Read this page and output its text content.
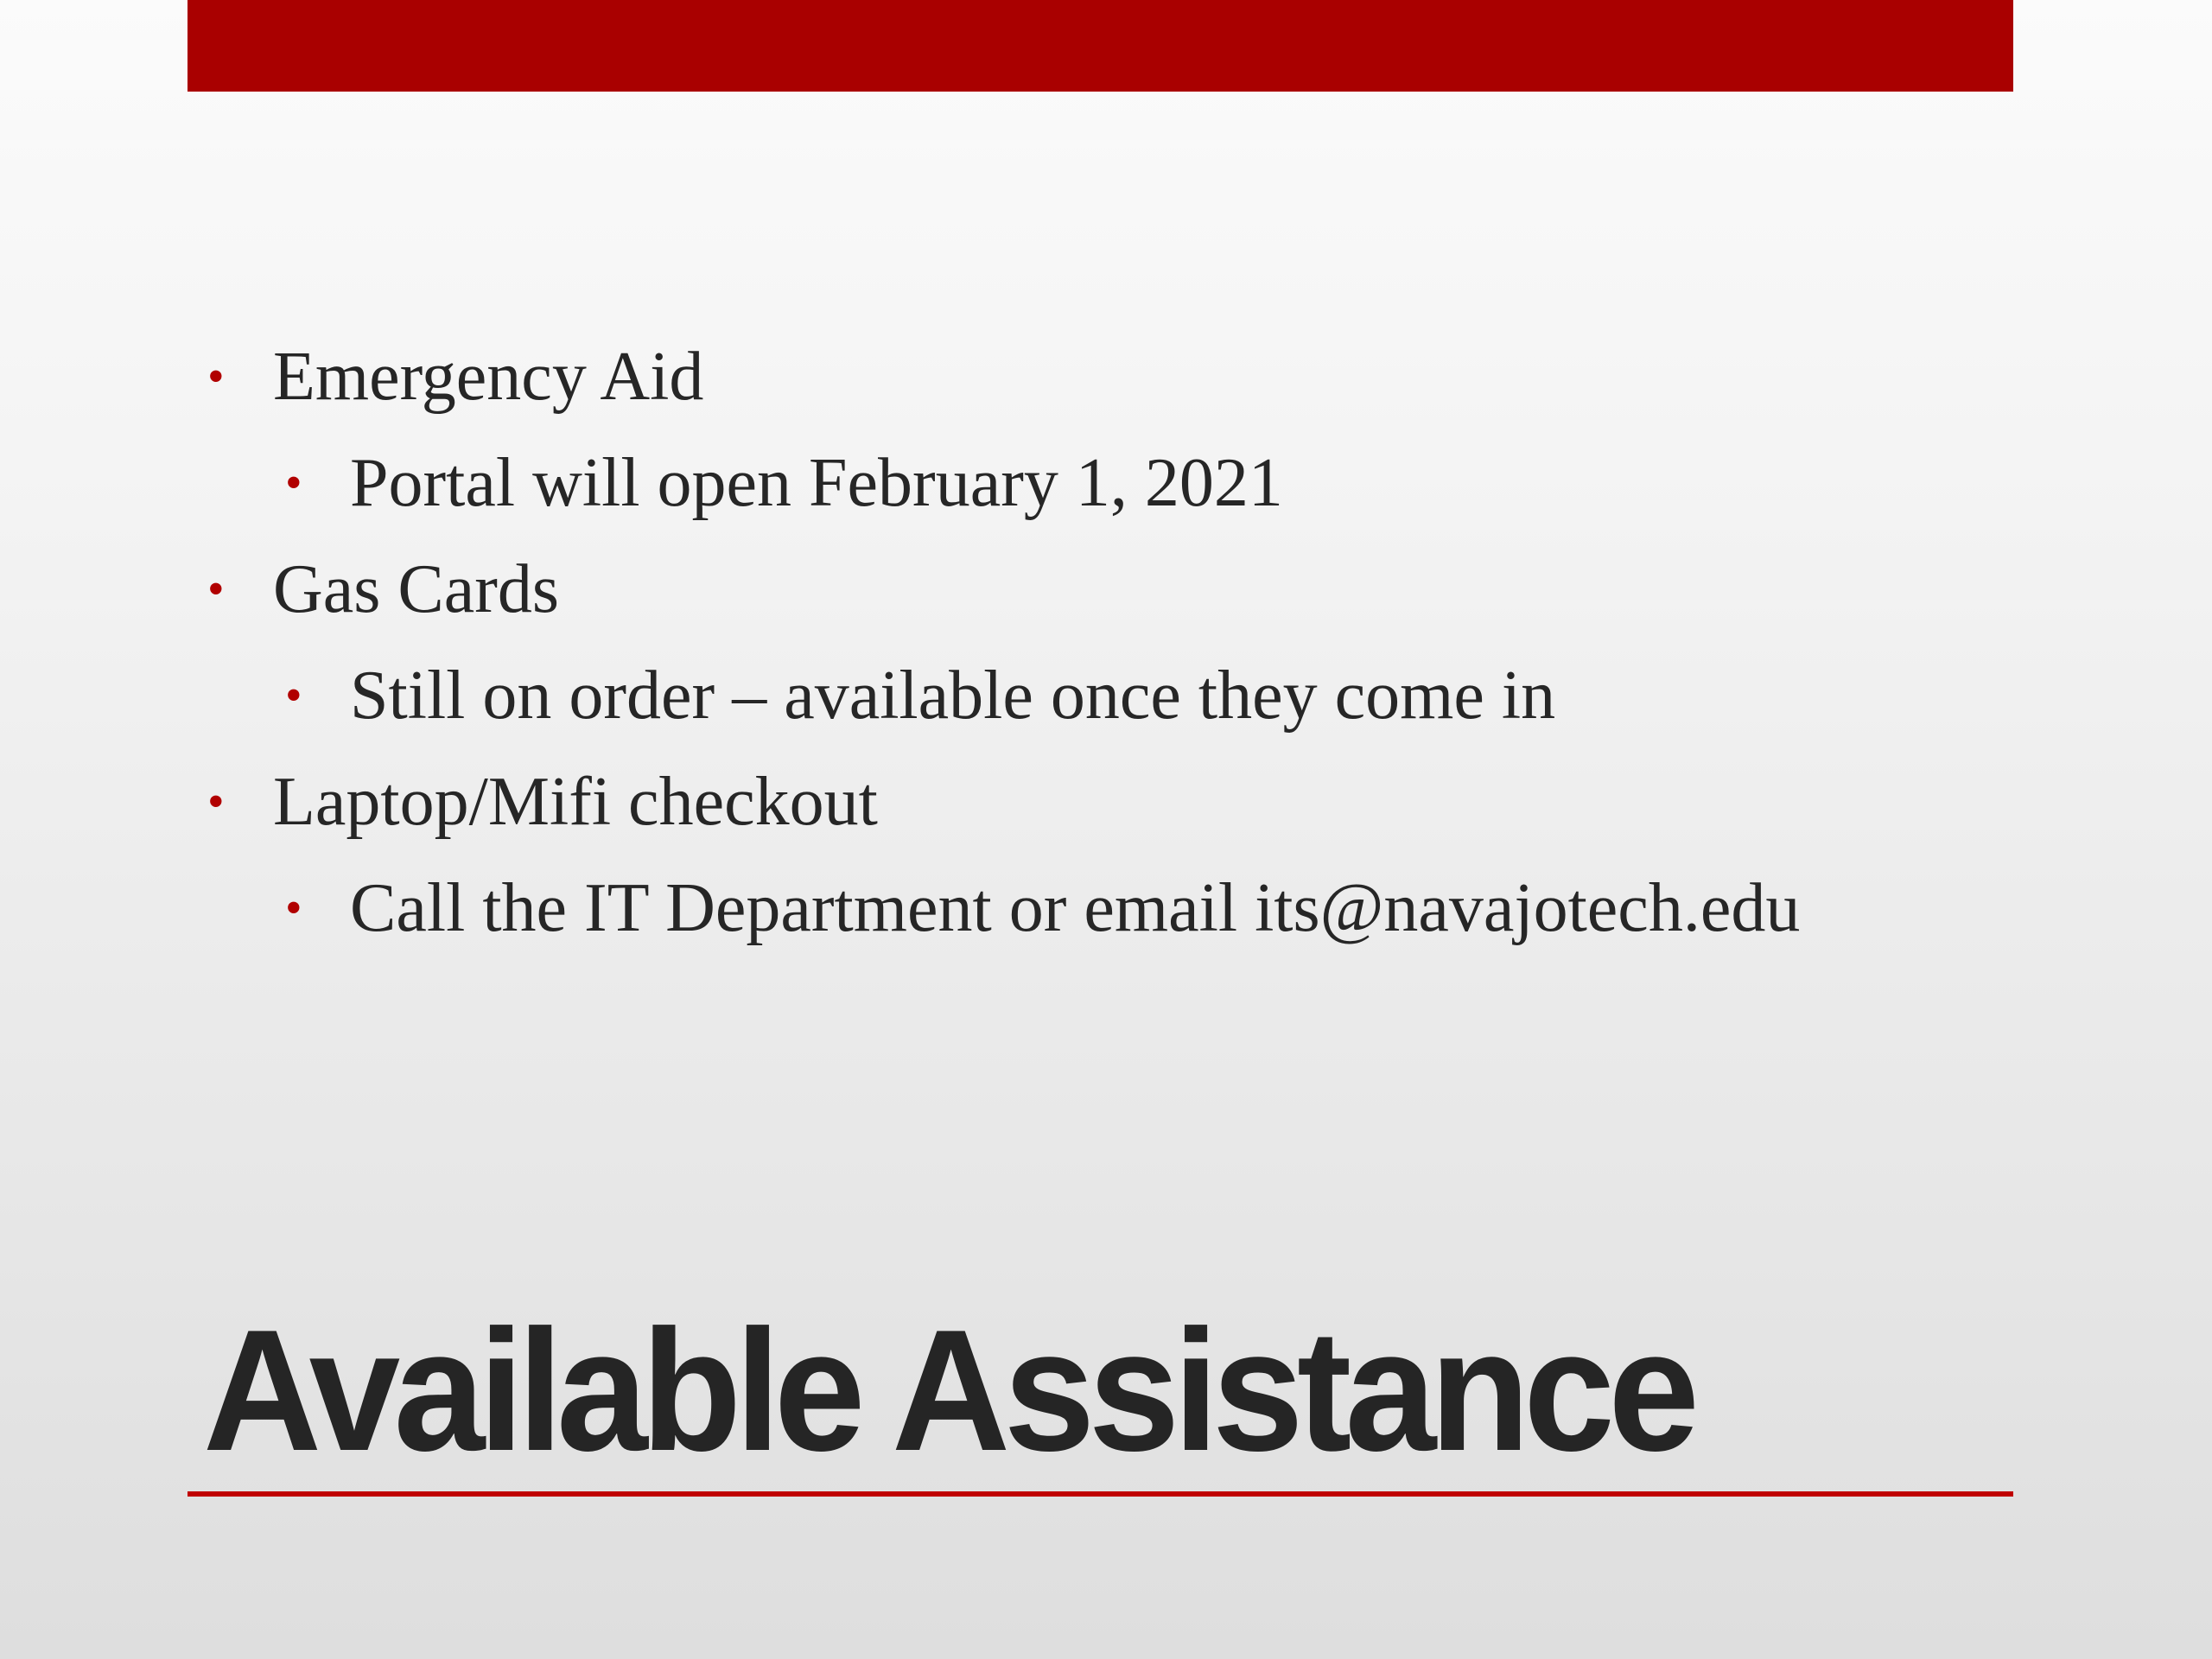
• Emergency Aid
• Portal will open February 1, 2021
• Gas Cards
• Still on order – available once they come in
• Laptop/Mifi checkout
• Call the IT Department or email its@navajotech.edu
Available Assistance
